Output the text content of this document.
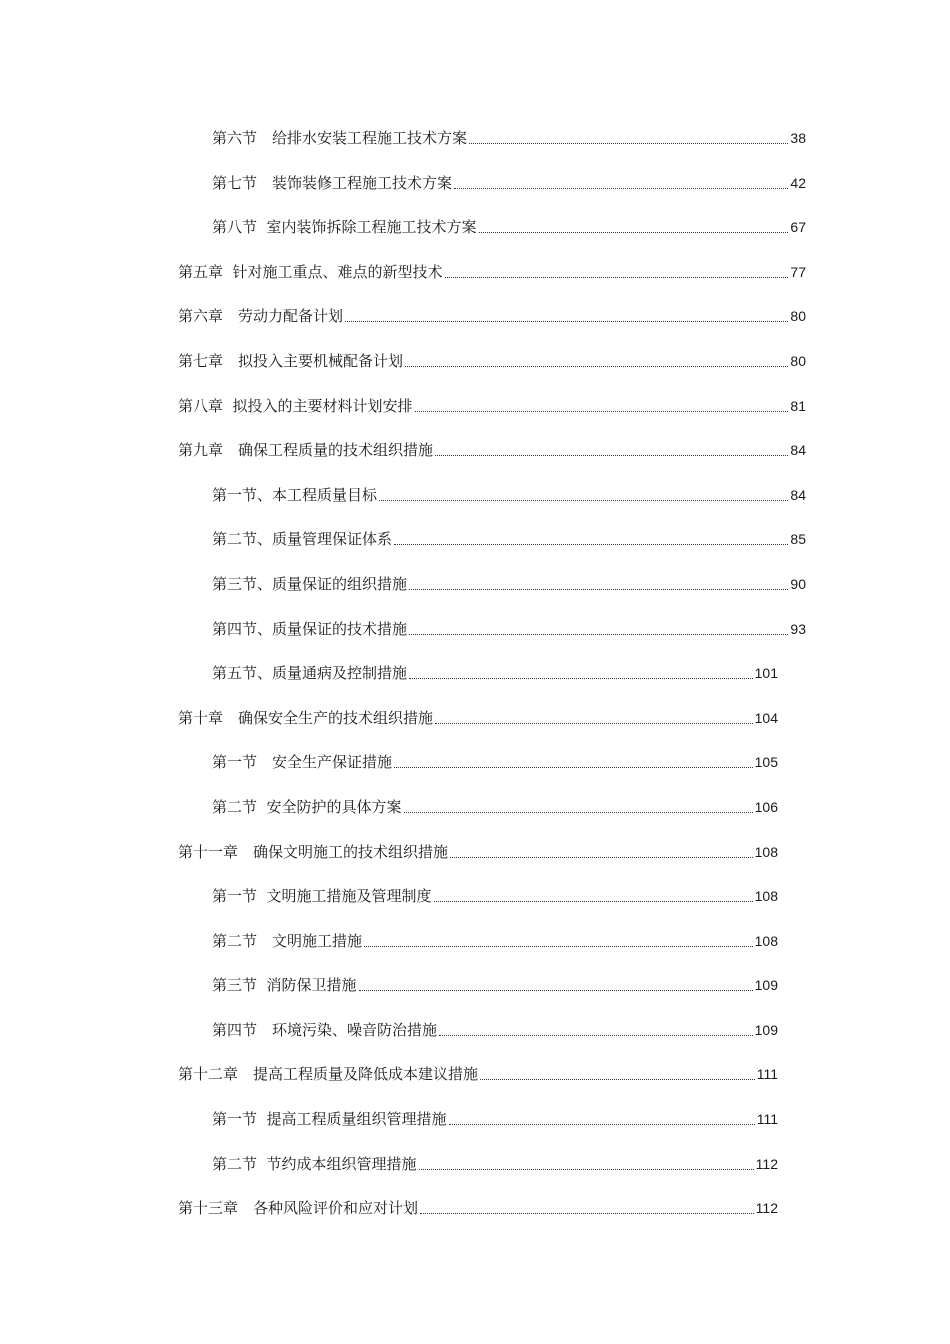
第六节　给排水安装工程施工技术方案	38
第七节　装饰装修工程施工技术方案	42
第八节  室内装饰拆除工程施工技术方案	67
第五章  针对施工重点、难点的新型技术	77
第六章　劳动力配备计划	80
第七章　拟投入主要机械配备计划	80
第八章  拟投入的主要材料计划安排	81
第九章　确保工程质量的技术组织措施	84
第一节、本工程质量目标	84
第二节、质量管理保证体系	85
第三节、质量保证的组织措施	90
第四节、质量保证的技术措施	93
第五节、质量通病及控制措施	101
第十章　确保安全生产的技术组织措施	104
第一节　安全生产保证措施	105
第二节  安全防护的具体方案	106
第十一章　确保文明施工的技术组织措施	108
第一节  文明施工措施及管理制度	108
第二节　文明施工措施	108
第三节  消防保卫措施	109
第四节　环境污染、噪音防治措施	109
第十二章　提高工程质量及降低成本建议措施	111
第一节  提高工程质量组织管理措施	111
第二节  节约成本组织管理措施	112
第十三章　各种风险评价和应对计划	112
